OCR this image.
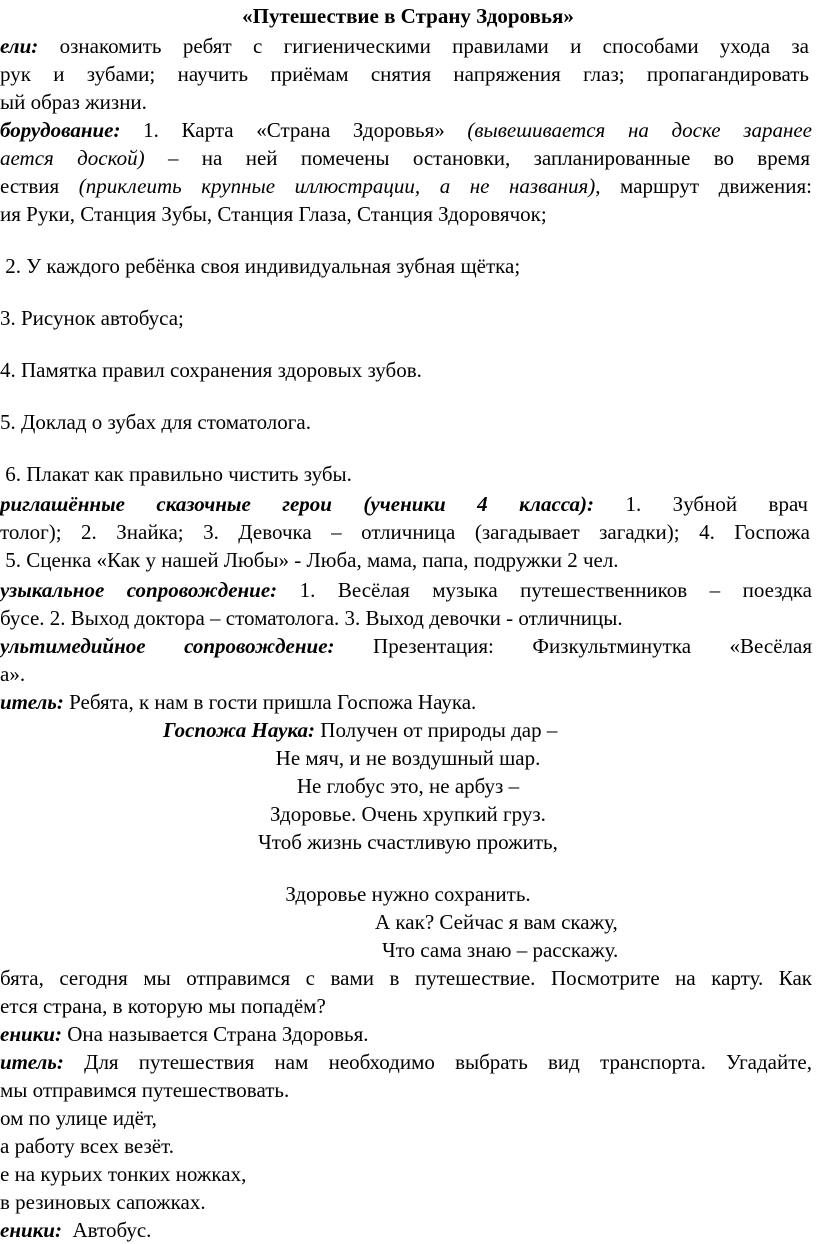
«Путешествие в Страну Здоровья»
ели: ознакомить ребят с гигиеническими правилами и способами ухода за
рук и зубами; научить приёмам снятия напряжения глаз; пропагандировать
ый образ жизни.
борудование: 1. Карта «Страна Здоровья» (вывешивается на доске заранее
ается доской) – на ней помечены остановки, запланированные во время
ествия (приклеить крупные иллюстрации, а не названия), маршрут движения:
ия Руки, Станция Зубы, Станция Глаза, Станция Здоровячок;
2. У каждого ребёнка своя индивидуальная зубная щётка;
3. Рисунок автобуса;
4. Памятка правил сохранения здоровых зубов.
5. Доклад о зубах для стоматолога.
6. Плакат как правильно чистить зубы.
риглашённые сказочные герои (ученики 4 класса): 1. Зубной врач
толог); 2. Знайка; 3. Девочка – отличница (загадывает загадки); 4. Госпожа
5. Сценка «Как у нашей Любы» - Люба, мама, папа, подружки 2 чел.
узыкальное сопровождение: 1. Весёлая музыка путешественников – поездка
бусе. 2. Выход доктора – стоматолога. 3. Выход девочки - отличницы.
ультимедийное сопровождение: Презентация: Физкультминутка «Весёлая
а».
итель: Ребята, к нам в гости пришла Госпожа Наука.
Госпожа Наука: Получен от природы дар –
Не мяч, и не воздушный шар.
Не глобус это, не арбуз –
Здоровье. Очень хрупкий груз.
Чтоб жизнь счастливую прожить,
Здоровье нужно сохранить.
А как? Сейчас я вам скажу,
Что сама знаю – расскажу.
бята, сегодня мы отправимся с вами в путешествие. Посмотрите на карту. Как
ется страна, в которую мы попадём?
еники: Она называется Страна Здоровья.
итель: Для путешествия нам необходимо выбрать вид транспорта. Угадайте,
мы отправимся путешествовать.
ом по улице идёт,
а работу всех везёт.
е на курьих тонких ножках,
в резиновых сапожках.
еники:  Автобус.
